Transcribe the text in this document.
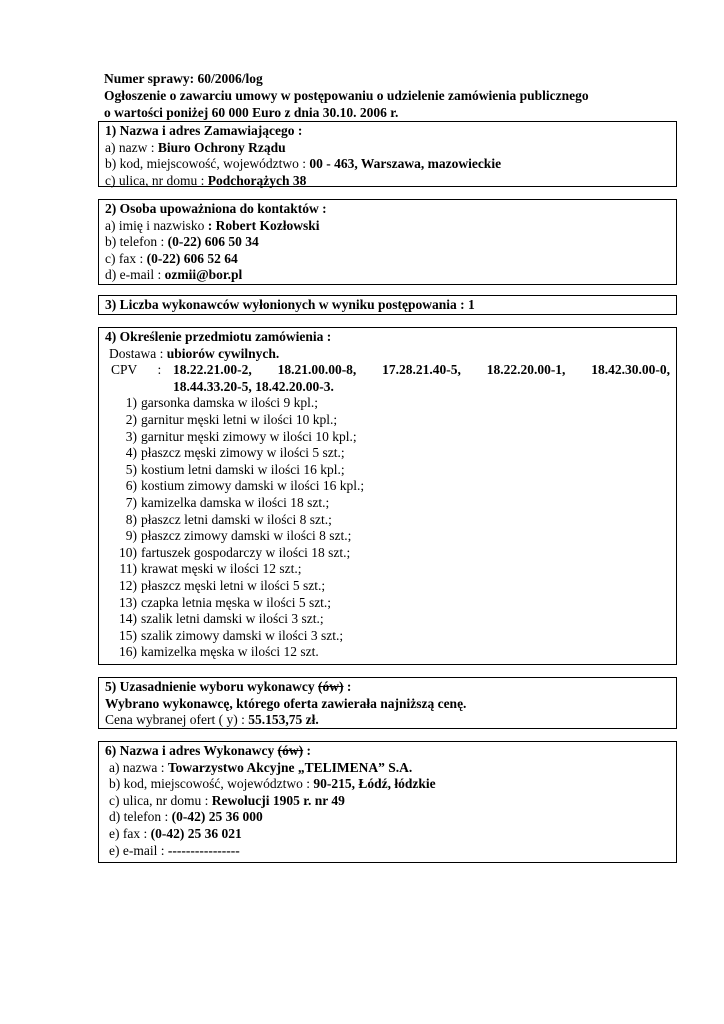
Numer sprawy: 60/2006/log
Ogłoszenie o zawarciu umowy w postępowaniu o udzielenie zamówienia publicznego
o wartości poniżej 60 000 Euro z dnia 30.10. 2006 r.
1) Nazwa i adres Zamawiającego :
a) nazw : Biuro Ochrony Rządu
b) kod, miejscowość, województwo : 00 - 463, Warszawa, mazowieckie
c) ulica, nr domu : Podchorążych 38
2) Osoba upoważniona do kontaktów :
a) imię i nazwisko : Robert Kozłowski
b) telefon : (0-22) 606 50 34
c) fax : (0-22) 606 52 64
d) e-mail : ozmii@bor.pl
3) Liczba wykonawców wyłonionych w wyniku postępowania : 1
4) Określenie przedmiotu zamówienia :
Dostawa : ubiorów cywilnych.
CPV	: 18.22.21.00-2, 18.21.00.00-8, 17.28.21.40-5, 18.22.20.00-1, 18.42.30.00-0,
18.44.33.20-5, 18.42.20.00-3.
1) garsonka damska w ilości 9 kpl.;
2) garnitur męski letni w ilości 10 kpl.;
3) garnitur męski zimowy w ilości 10 kpl.;
4) płaszcz męski zimowy w ilości 5 szt.;
5) kostium letni damski w ilości 16 kpl.;
6) kostium zimowy damski w ilości 16 kpl.;
7) kamizelka damska w ilości 18 szt.;
8) płaszcz letni damski w ilości 8 szt.;
9) płaszcz zimowy damski w ilości 8 szt.;
10) fartuszek gospodarczy w ilości 18 szt.;
11) krawat męski w ilości 12 szt.;
12) płaszcz męski letni w ilości 5 szt.;
13) czapka letnia męska w ilości 5 szt.;
14) szalik letni damski w ilości 3 szt.;
15) szalik zimowy damski w ilości 3 szt.;
16) kamizelka męska w ilości 12 szt.
5) Uzasadnienie wyboru wykonawcy (ów) :
Wybrano wykonawcę, którego oferta zawierała najniższą cenę.
Cena wybranej ofert ( y) : 55.153,75 zł.
6) Nazwa i adres Wykonawcy (ów) :
a) nazwa : Towarzystwo Akcyjne „TELIMENA” S.A.
b) kod, miejscowość, województwo : 90-215, Łódź, łódzkie
c) ulica, nr domu : Rewolucji 1905 r. nr 49
d) telefon : (0-42) 25 36 000
e) fax : (0-42) 25 36 021
e) e-mail : ----------------
